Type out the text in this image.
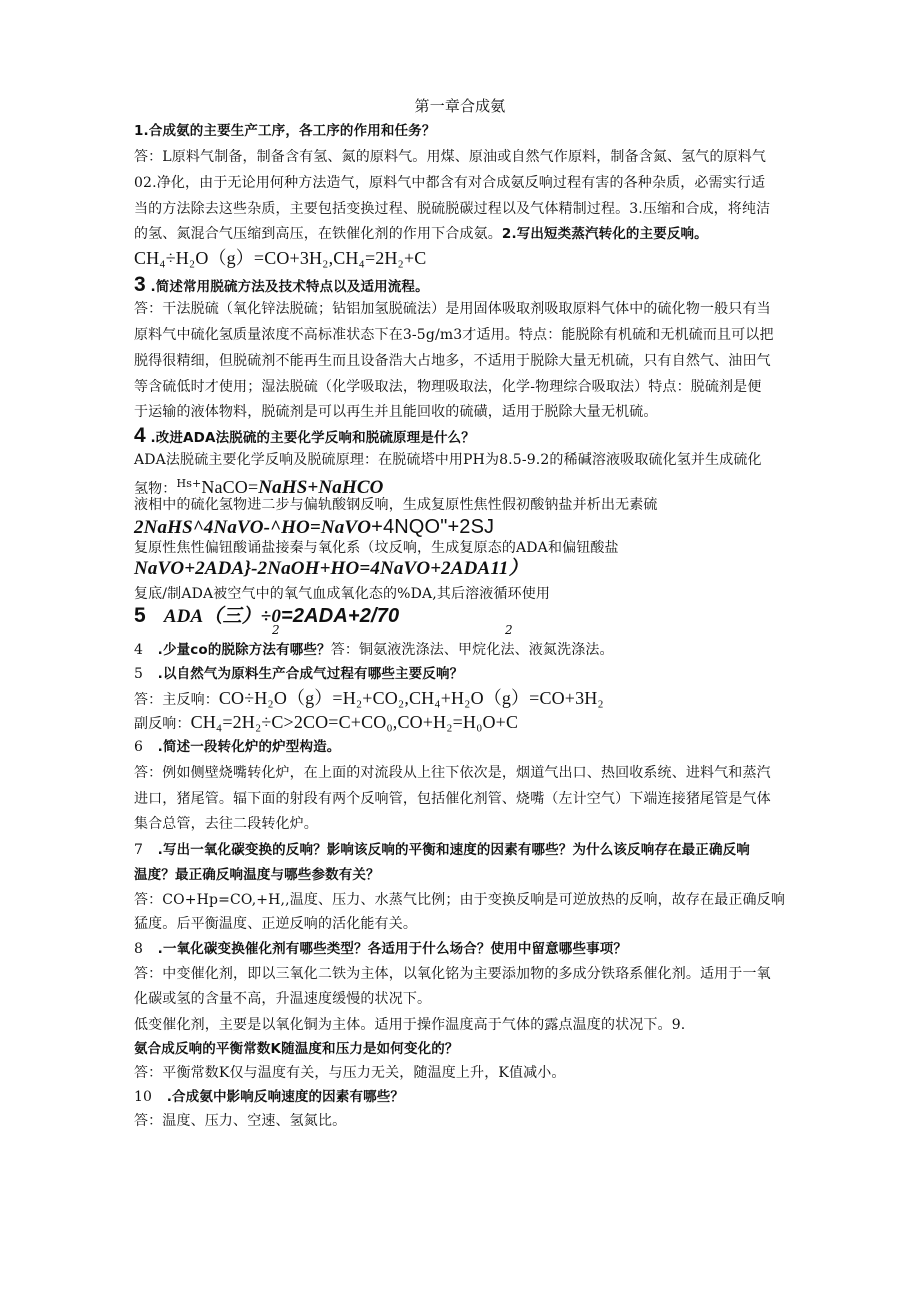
第一章合成氨
1.合成氨的主要生产工序，各工序的作用和任务？
答：L原料气制备，制备含有氢、氮的原料气。用煤、原油或自然气作原料，制备含氮、氢气的原料气
02.净化，由于无论用何种方法造气，原料气中都含有对合成氨反响过程有害的各种杂质，必需实行适
当的方法除去这些杂质，主要包括变换过程、脱硫脱碳过程以及气体精制过程。3.压缩和合成，将纯洁
的氢、氮混合气压缩到高压，在铁催化剂的作用下合成氨。2.写出短类蒸汽转化的主要反响。
CH₄÷H₂O（g）=CO+3H₂,CH₄=2H₂+C
3 .简述常用脱硫方法及技术特点以及适用流程。
答：干法脱硫（氧化锌法脱硫；钻铝加氢脱硫法）是用固体吸取剂吸取原料气体中的硫化物一般只有当
原料气中硫化氢质量浓度不高标准状态下在3-5g/m3才适用。特点：能脱除有机硫和无机硫而且可以把
脱得很精细，但脱硫剂不能再生而且设备浩大占地多，不适用于脱除大量无机硫，只有自然气、油田气
等含硫低时才使用；湿法脱硫（化学吸取法，物理吸取法，化学-物理综合吸取法）特点：脱硫剂是便
于运输的液体物料，脱硫剂是可以再生并且能回收的硫磺，适用于脱除大量无机硫。
4 .改进ADA法脱硫的主要化学反响和脱硫原理是什么？
ADA法脱硫主要化学反响及脱硫原理：在脱硫塔中用PH为8.5-9.2的稀碱溶液吸取硫化氢并生成硫化
氢物：$^{Hs+}$NaCO=NaHS+NaHCO
液相中的硫化氢物进二步与偏轨酸钢反响，生成复原性焦性假初酸钠盐并析出无素硫
2NaHS^4NaVO-^HO=NaVO+4NQO"+2SJ
复原性焦性偏钮酸诵盐接秦与氧化系（坟反响，生成复原态的ADA和偏钮酸盐
NaVO+2ADA}-2NaOH+HO=4NaVO+2ADA11）
复底/制ADA被空气中的氧气血成氧化态的%DA,其后溶液循环使用
5 ADA（三）÷0=2ADA+2/70
2	2
4 .少量co的脱除方法有哪些？答：铜氨液洗涤法、甲烷化法、液氮洗涤法。
5 .以自然气为原料生产合成气过程有哪些主要反响？
答：主反响：CO÷H₂O（g）=H₂+CO₂,CH₄+H₂O（g）=CO+3H₂
副反响：CH₄=2H₂÷C>2CO=C+CO₀,CO+H₂=H₀O+C
6 .简述一段转化炉的炉型构造。
答：例如侧壁烧嘴转化炉，在上面的对流段从上往下依次是，烟道气出口、热回收系统、进料气和蒸汽
进口，猪尾管。辐下面的射段有两个反响管，包括催化剂管、烧嘴（左计空气）下端连接猪尾管是气体
集合总管，去往二段转化炉。
7 .写出一氧化碳变换的反响？影响该反响的平衡和速度的因素有哪些？为什么该反响存在最正确反响
温度？最正确反响温度与哪些参数有关？
答：CO+Hp=CO,+H,,温度、压力、水蒸气比例；由于变换反响是可逆放热的反响，故存在最正确反响
猛度。后平衡温度、正逆反响的活化能有关。
8 .一氧化碳变换催化剂有哪些类型？各适用于什么场合？使用中留意哪些事项？
答：中变催化剂，即以三氧化二铁为主体，以氧化铭为主要添加物的多成分铁珞系催化剂。适用于一氧
化碳或氢的含量不高，升温速度缓慢的状况下。
低变催化剂，主要是以氧化铜为主体。适用于操作温度高于气体的露点温度的状况下。9.
氨合成反响的平衡常数K随温度和压力是如何变化的？
答：平衡常数K仅与温度有关，与压力无关，随温度上升，K值减小。
10 .合成氨中影响反响速度的因素有哪些？
答：温度、压力、空速、氢氮比。
